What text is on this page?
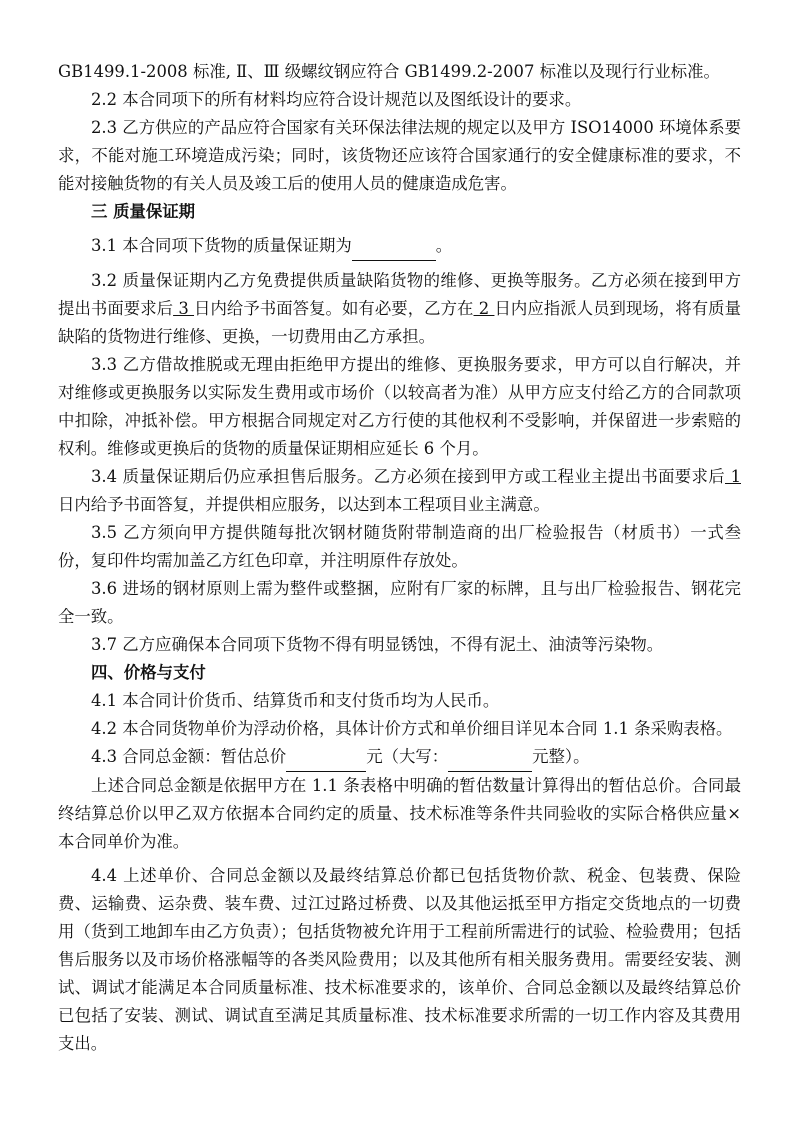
GB1499.1-2008 标准, Ⅱ、Ⅲ 级螺纹钢应符合 GB1499.2-2007 标准以及现行行业标准。

2.2 本合同项下的所有材料均应符合设计规范以及图纸设计的要求。

2.3 乙方供应的产品应符合国家有关环保法律法规的规定以及甲方 ISO14000 环境体系要求，不能对施工环境造成污染；同时，该货物还应该符合国家通行的安全健康标准的要求，不能对接触货物的有关人员及竣工后的使用人员的健康造成危害。

三 质量保证期

3.1 本合同项下货物的质量保证期为	。

3.2 质量保证期内乙方免费提供质量缺陷货物的维修、更换等服务。乙方必须在接到甲方提出书面要求后 3 日内给予书面答复。如有必要，乙方在 2 日内应指派人员到现场，将有质量缺陷的货物进行维修、更换，一切费用由乙方承担。

3.3 乙方借故推脱或无理由拒绝甲方提出的维修、更换服务要求，甲方可以自行解决，并对维修或更换服务以实际发生费用或市场价（以较高者为准）从甲方应支付给乙方的合同款项中扣除，冲抵补偿。甲方根据合同规定对乙方行使的其他权利不受影响，并保留进一步索赔的权利。维修或更换后的货物的质量保证期相应延长 6 个月。

3.4 质量保证期后仍应承担售后服务。乙方必须在接到甲方或工程业主提出书面要求后 1 日内给予书面答复，并提供相应服务，以达到本工程项目业主满意。

3.5 乙方须向甲方提供随每批次钢材随货附带制造商的出厂检验报告（材质书）一式叁份，复印件均需加盖乙方红色印章，并注明原件存放处。

3.6 进场的钢材原则上需为整件或整捆，应附有厂家的标牌，且与出厂检验报告、钢花完全一致。

3.7 乙方应确保本合同项下货物不得有明显锈蚀，不得有泥土、油渍等污染物。

四、价格与支付

4.1 本合同计价货币、结算货币和支付货币均为人民币。

4.2 本合同货物单价为浮动价格，具体计价方式和单价细目详见本合同 1.1 条采购表格。

4.3 合同总金额：暂估总价	元（大写：	元整）。

上述合同总金额是依据甲方在 1.1 条表格中明确的暂估数量计算得出的暂估总价。合同最终结算总价以甲乙双方依据本合同约定的质量、技术标准等条件共同验收的实际合格供应量×本合同单价为准。

4.4 上述单价、合同总金额以及最终结算总价都已包括货物价款、税金、包装费、保险费、运输费、运杂费、装车费、过江过路过桥费、以及其他运抵至甲方指定交货地点的一切费用（货到工地卸车由乙方负责）；包括货物被允许用于工程前所需进行的试验、检验费用；包括售后服务以及市场价格涨幅等的各类风险费用；以及其他所有相关服务费用。需要经安装、测试、调试才能满足本合同质量标准、技术标准要求的，该单价、合同总金额以及最终结算总价已包括了安装、测试、调试直至满足其质量标准、技术标准要求所需的一切工作内容及其费用支出。
